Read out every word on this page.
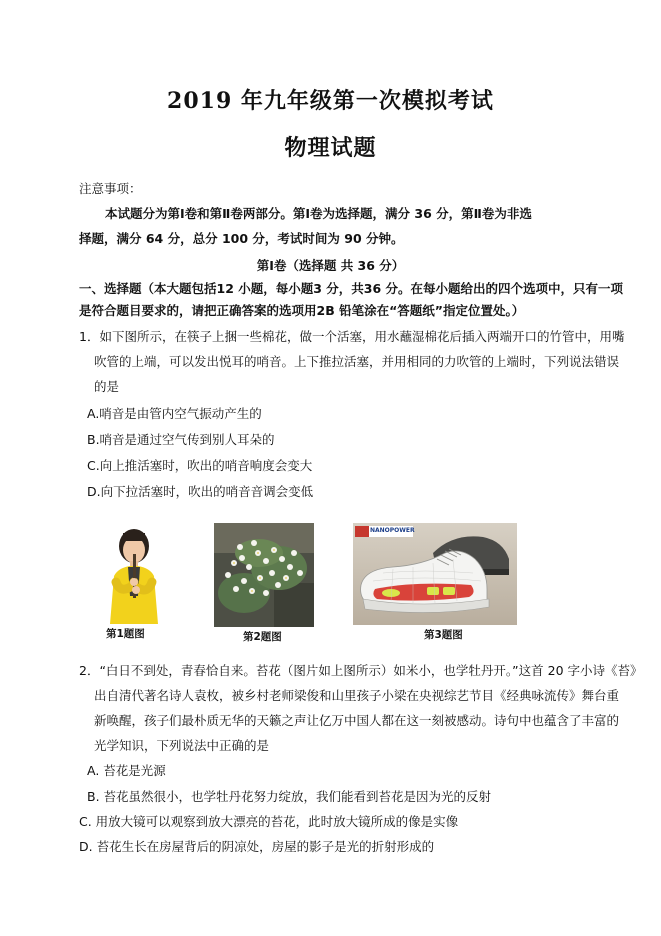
2019 年九年级第一次模拟考试
物理试题
注意事项：
本试题分为第Ⅰ卷和第Ⅱ卷两部分。第Ⅰ卷为选择题，满分 36 分，第Ⅱ卷为非选
择题，满分 64 分，总分 100 分，考试时间为 90 分钟。
第Ⅰ卷（选择题 共 36 分）
一、选择题（本大题包括12 小题，每小题3 分，共36 分。在每小题给出的四个选项中，只有一项
是符合题目要求的，请把正确答案的选项用2B 铅笔涂在“答题纸”指定位置处。）
1．如下图所示，在筷子上捆一些棉花，做一个活塞，用水蘸湿棉花后插入两端开口的竹管中，用嘴
吹管的上端，可以发出悦耳的哨音。上下推拉活塞，并用相同的力吹管的上端时，下列说法错误
的是
A.哨音是由管内空气振动产生的
B.哨音是通过空气传到别人耳朵的
C.向上推活塞时，吹出的哨音响度会变大
D.向下拉活塞时，吹出的哨音音调会变低
第1题图	第2题图
NANOPOWER
第3题图
2．“白日不到处，青春恰自来。苔花（图片如上图所示）如米小，也学牡丹开。”这首 20 字小诗《苔》
出自清代著名诗人袁枚，被乡村老师梁俊和山里孩子小梁在央视综艺节目《经典咏流传》舞台重
新唤醒，孩子们最朴质无华的天籁之声让亿万中国人都在这一刻被感动。诗句中也蕴含了丰富的
光学知识，下列说法中正确的是
A. 苔花是光源
B. 苔花虽然很小，也学牡丹花努力绽放，我们能看到苔花是因为光的反射
C. 用放大镜可以观察到放大漂亮的苔花，此时放大镜所成的像是实像
D. 苔花生长在房屋背后的阴凉处，房屋的影子是光的折射形成的
